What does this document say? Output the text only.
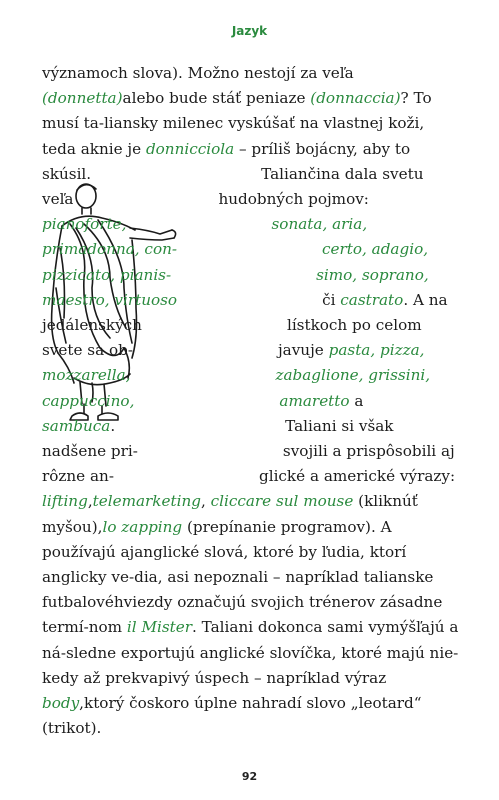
Jazyk
významoch slova). Možno nestojí za veľa (donnetta)alebo bude stáť peniaze (donnaccia)? To musí ta-liansky milenec vyskúšať na vlastnej koži, teda aknie je donnicciola – príliš bojácny, aby to skúsil.	Taliančina dala svetu veľa	hudobných pojmov: pianoforte,	sonata, aria, primadonna, con-	certo, adagio, pizzicato, pianis-	simo, soprano, maestro, virtuoso	či castrato. A na jedálenských	lístkoch po celom svete sa ob-	javuje pasta, pizza, mozzarella,	zabaglione, grissini, cappuccino,	amaretto a sambuca.	Taliani si však nadšene pri-	svojili a prispôsobili aj rôzne an-	glické a americké výrazy: lifting,telemarketing, cliccare sul mouse (kliknúť myšou),lo zapping (prepínanie programov). A používajú ajanglické slová, ktoré by ľudia, ktorí anglicky ve-dia, asi nepoznali – napríklad talianske futbalovéhviezdy označujú svojich trénerov zásadne termí-nom il Mister. Taliani dokonca sami vymýšľajú a ná-sledne exportujú anglické slovíčka, ktoré majú nie-kedy až prekvapivý úspech – napríklad výraz body,ktorý čoskoro úplne nahradí slovo „leotard“ (trikot).
92
